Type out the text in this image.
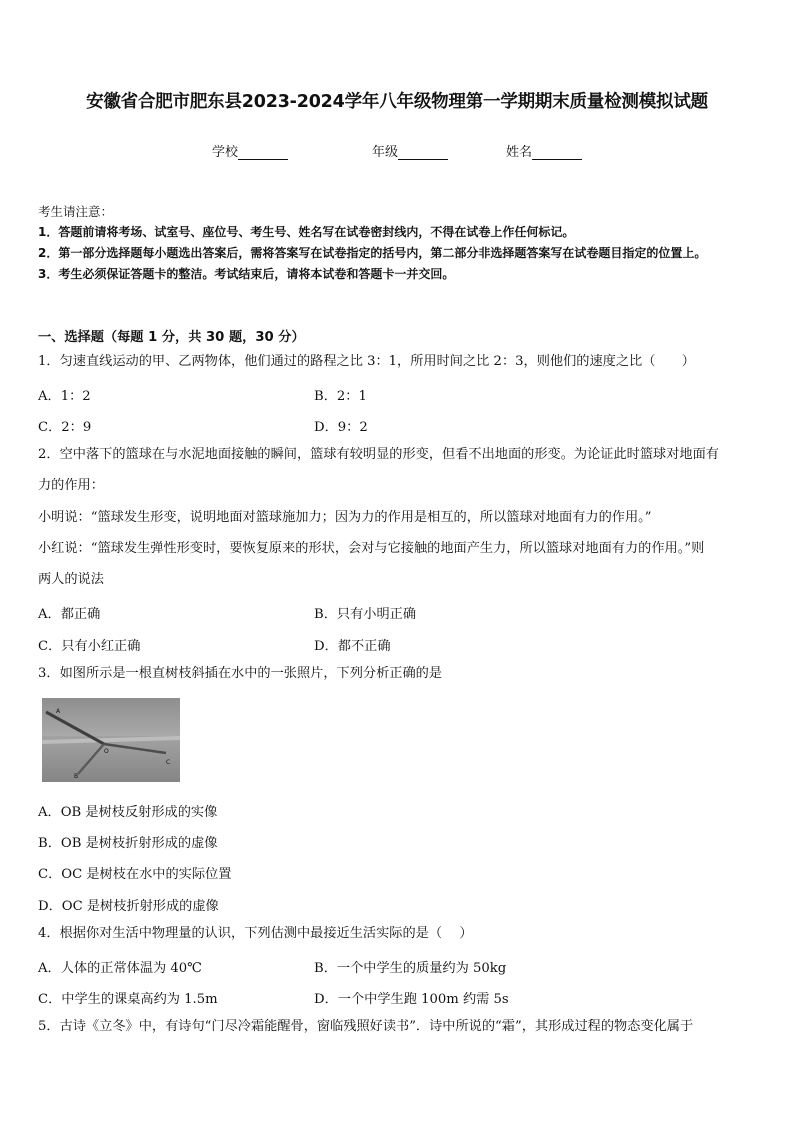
安徽省合肥市肥东县2023-2024学年八年级物理第一学期期末质量检测模拟试题
学校	年级	姓名
考生请注意：
1．答题前请将考场、试室号、座位号、考生号、姓名写在试卷密封线内，不得在试卷上作任何标记。
2．第一部分选择题每小题选出答案后，需将答案写在试卷指定的括号内，第二部分非选择题答案写在试卷题目指定的位置上。
3．考生必须保证答题卡的整洁。考试结束后，请将本试卷和答题卡一并交回。
一、选择题（每题 1 分，共 30 题，30 分）
1．匀速直线运动的甲、乙两物体，他们通过的路程之比 3：1，所用时间之比 2：3，则他们的速度之比（　　）
A．1：2	B．2：1
C．2：9	D．9：2
2．空中落下的篮球在与水泥地面接触的瞬间，篮球有较明显的形变，但看不出地面的形变。为论证此时篮球对地面有
力的作用：
小明说：“篮球发生形变，说明地面对篮球施加力；因为力的作用是相互的，所以篮球对地面有力的作用。”
小红说：“篮球发生弹性形变时，要恢复原来的形状，会对与它接触的地面产生力，所以篮球对地面有力的作用。”则
两人的说法
A．都正确	B．只有小明正确
C．只有小红正确	D．都不正确
3．如图所示是一根直树枝斜插在水中的一张照片，下列分析正确的是
A
O
B
C
A．OB 是树枝反射形成的实像
B．OB 是树枝折射形成的虚像
C．OC 是树枝在水中的实际位置
D．OC 是树枝折射形成的虚像
4．根据你对生活中物理量的认识，下列估测中最接近生活实际的是（　 ）
A．人体的正常体温为 40℃	B．一个中学生的质量约为 50kg
C．中学生的课桌高约为 1.5m	D．一个中学生跑 100m 约需 5s
5．古诗《立冬》中，有诗句“门尽冷霜能醒骨，窗临残照好读书”．诗中所说的“霜”，其形成过程的物态变化属于
